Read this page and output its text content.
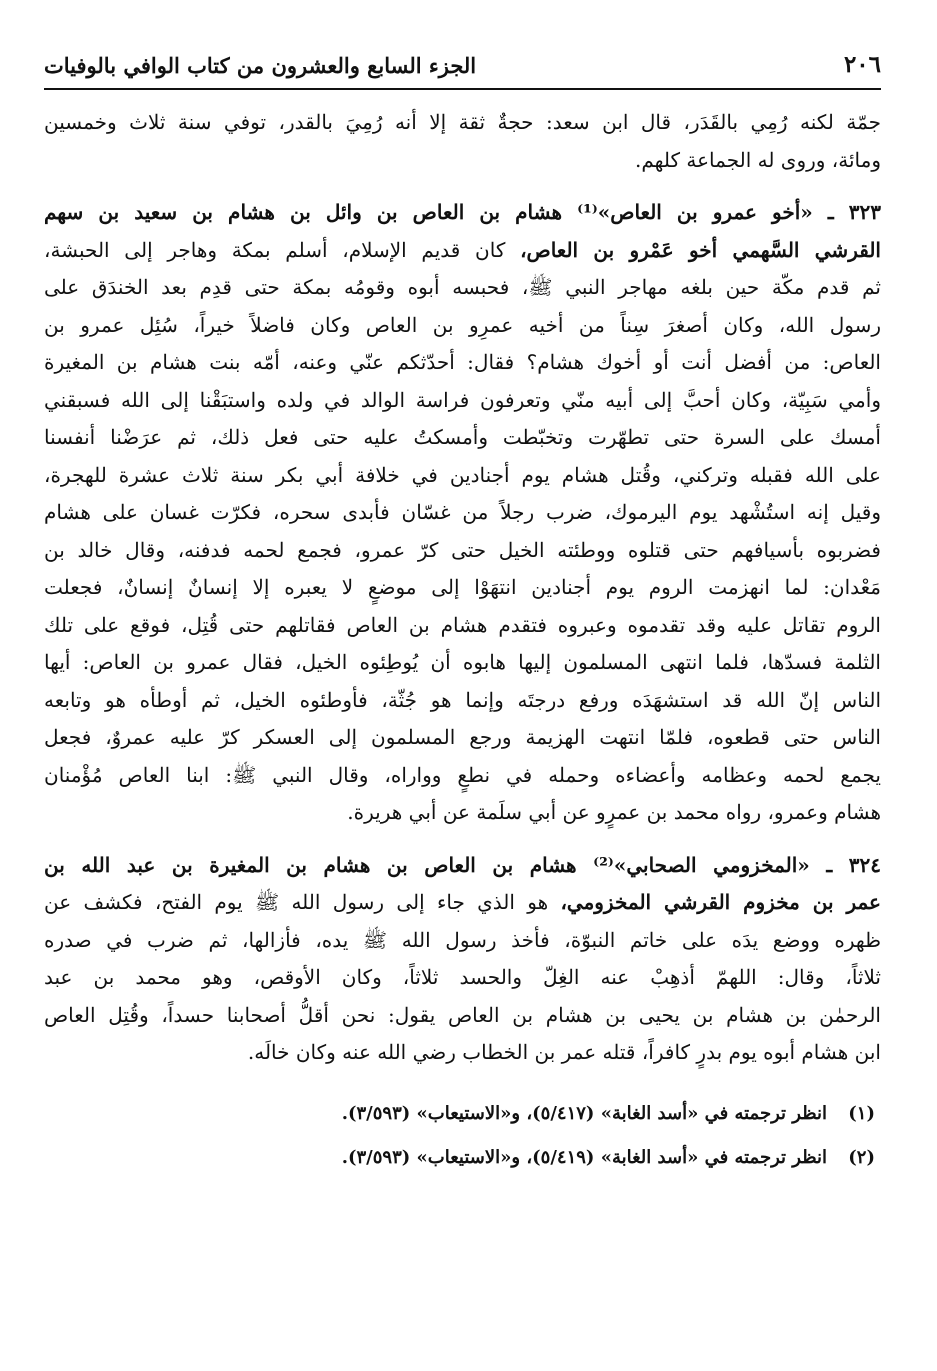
٢٠٦
الجزء السابع والعشرون من كتاب الوافي بالوفيات
جمّة لكنه رُمِي بالقَدَر، قال ابن سعد: حجةٌ ثقة إلا أنه رُمِيَ بالقدر، توفي سنة ثلاث وخمسين
ومائة، وروى له الجماعة كلهم.
٣٢٣ ـ «أخو عمرو بن العاص»⁽¹⁾ هشام بن العاص بن وائل بن هشام بن سعيد بن سهم
القرشي السَّهمي أخو عَمْرو بن العاص، كان قديم الإسلام، أسلم بمكة وهاجر إلى الحبشة،
ثم قدم مكّة حين بلغه مهاجر النبي ﷺ، فحبسه أبوه وقومُه بمكة حتى قدِم بعد الخندَق على
رسول الله، وكان أصغرَ سِناً من أخيه عمرِو بن العاص وكان فاضلاً خيراً، سُئِل عمرو بن
العاص: من أفضل أنت أو أخوك هشام؟ فقال: أحدّثكم عنّي وعنه، أمّه بنت هشام بن المغيرة
وأمي سَبِيّة، وكان أحبَّ إلى أبيه منّي وتعرفون فراسة الوالد في ولده واستبَقْنا إلى الله فسبقني
أمسك على السرة حتى تطهّرت وتخبّطت وأمسكتُ عليه حتى فعل ذلك، ثم عرَضْنا أنفسنا
على الله فقبله وتركني، وقُتل هشام يوم أجنادين في خلافة أبي بكر سنة ثلاث عشرة للهجرة،
وقيل إنه استُشْهد يوم اليرموك، ضرب رجلاً من غسّان فأبدى سحره، فكرّت غسان على هشام
فضربوه بأسيافهم حتى قتلوه ووطئته الخيل حتى كرّ عمرو، فجمع لحمه فدفنه، وقال خالد بن
مَعْدان: لما انهزمت الروم يوم أجنادين انتهَوْا إلى موضعٍ لا يعبره إلا إنسانٌ إنسانٌ، فجعلت
الروم تقاتل عليه وقد تقدموه وعبروه فتقدم هشام بن العاص فقاتلهم حتى قُتِل، فوقع على تلك
الثلمة فسدّها، فلما انتهى المسلمون إليها هابوه أن يُوطِئوه الخيل، فقال عمرو بن العاص: أيها
الناس إنّ الله قد استشهَدَه ورفع درجتَه وإنما هو جُثّة، فأوطئوه الخيل، ثم أوطأه هو وتابعه
الناس حتى قطعوه، فلمّا انتهت الهزيمة ورجع المسلمون إلى العسكر كرّ عليه عمروٌ، فجعل
يجمع لحمه وعظامه وأعضاءه وحمله في نطعٍ وواراه، وقال النبي ﷺ: ابنا العاص مُؤْمنان
هشام وعمرو، رواه محمد بن عمرٍو عن أبي سلَمة عن أبي هريرة.
٣٢٤ ـ «المخزومي الصحابي»⁽²⁾ هشام بن العاص بن هشام بن المغيرة بن عبد الله بن
عمر بن مخزوم القرشي المخزومي، هو الذي جاء إلى رسول الله ﷺ يوم الفتح، فكشف عن
ظهره ووضع يدَه على خاتم النبوّة، فأخذ رسول الله ﷺ يده، فأزالها، ثم ضرب في صدره
ثلاثاً، وقال: اللهمّ أذهِبْ عنه الغِلّ والحسد ثلاثاً، وكان الأوقص، وهو محمد بن عبد
الرحمٰن بن هشام بن يحيى بن هشام بن العاص يقول: نحن أقلُّ أصحابنا حسداً، وقُتِل العاص
ابن هشام أبوه يوم بدرٍ كافراً، قتله عمر بن الخطاب رضي الله عنه وكان خالَه.
(١)انظر ترجمته في «أسد الغابة» (٥/٤١٧)، و«الاستيعاب» (٣/٥٩٣).
(٢)انظر ترجمته في «أسد الغابة» (٥/٤١٩)، و«الاستيعاب» (٣/٥٩٣).
